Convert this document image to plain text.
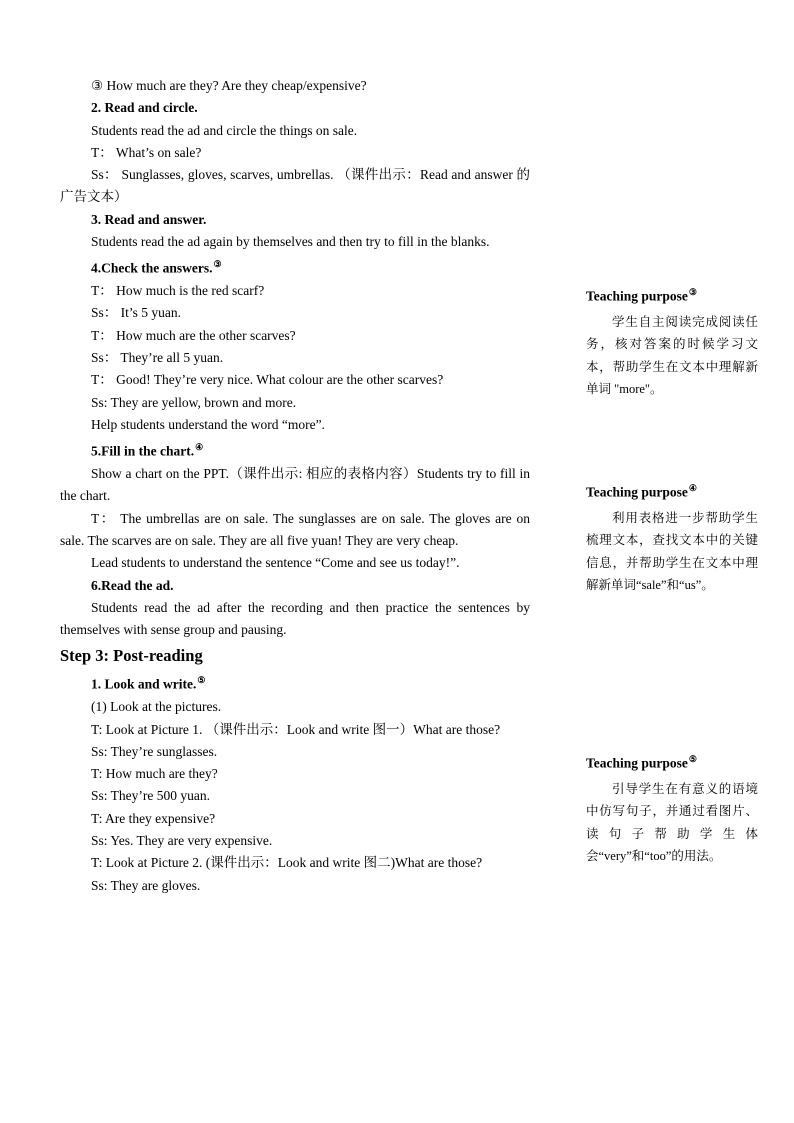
③ How much are they? Are they cheap/expensive?

2. Read and circle.

Students read the ad and circle the things on sale.

T： What’s on sale?

Ss： Sunglasses, gloves, scarves, umbrellas. （课件出示：Read and answer 的广告文本）

3. Read and answer.

Students read the ad again by themselves and then try to fill in the blanks.

4.Check the answers.③

T： How much is the red scarf?

Ss： It’s 5 yuan.

T： How much are the other scarves?

Ss： They’re all 5 yuan.

T： Good! They’re very nice. What colour are the other scarves?

Ss: They are yellow, brown and more.

Help students understand the word “more”.

5.Fill in the chart.④

Show a chart on the PPT.（课件出示: 相应的表格内容）Students try to fill in the chart.

T： The umbrellas are on sale. The sunglasses are on sale. The gloves are on sale. The scarves are on sale. They are all five yuan! They are very cheap.

Lead students to understand the sentence “Come and see us today!”.

6.Read the ad.

Students read the ad after the recording and then practice the sentences by themselves with sense group and pausing.

Step 3: Post-reading

1. Look and write.⑤

(1) Look at the pictures.

T: Look at Picture 1. （课件出示：Look and write 图一）What are those?

Ss: They’re sunglasses.

T: How much are they?

Ss: They’re 500 yuan.

T: Are they expensive?

Ss: Yes. They are very expensive.

T: Look at Picture 2. (课件出示：Look and write 图二)What are those?

Ss: They are gloves.

Teaching purpose③

学生自主阅读完成阅读任务，核对答案的时候学习文本，帮助学生在文本中理解新单词 "more"。

Teaching purpose④

利用表格进一步帮助学生梳理文本，查找文本中的关键信息，并帮助学生在文本中理解新单词“sale”和“us”。

Teaching purpose⑤

引导学生在有意义的语境中仿写句子，并通过看图片、读句子帮助学生体会“very”和“too”的用法。
